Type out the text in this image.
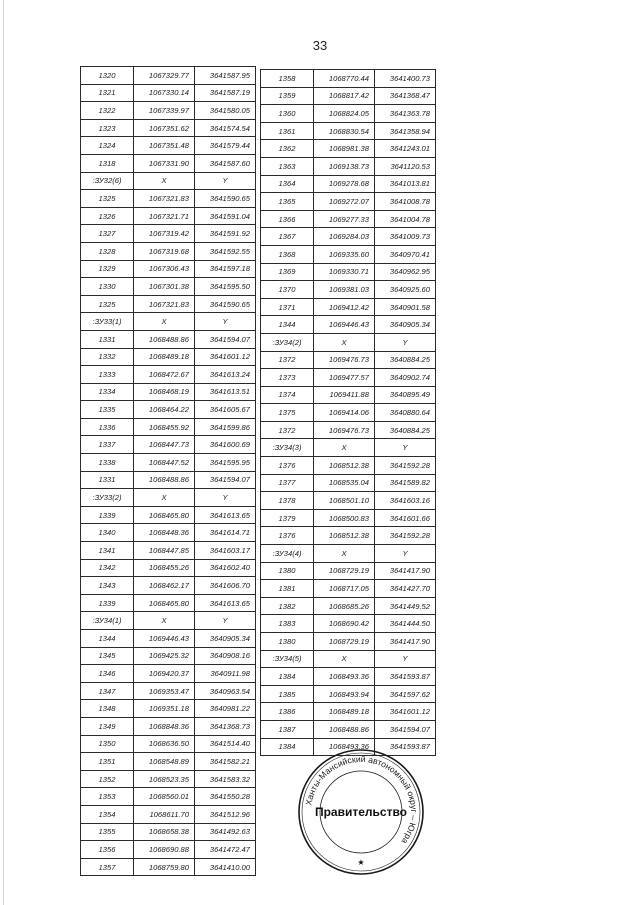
33
1320	1067329.77	3641587.95
1321	1067330.14	3641587.19
1322	1067339.97	3641580.05
1323	1067351.62	3641574.54
1324	1067351.48	3641579.44
1318	1067331.90	3641587.60
:ЗУ32(6)	X	Y
1325	1067321.83	3641590.65
1326	1067321.71	3641591.04
1327	1067319.42	3641591.92
1328	1067319.68	3641592.55
1329	1067306.43	3641597.18
1330	1067301.38	3641595.50
1325	1067321.83	3641590.65
:ЗУ33(1)	X	Y
1331	1068488.86	3641594.07
1332	1068489.18	3641601.12
1333	1068472.67	3641613.24
1334	1068468.19	3641613.51
1335	1068464.22	3641605.67
1336	1068455.92	3641599.86
1337	1068447.73	3641600.69
1338	1068447.52	3641595.95
1331	1068488.86	3641594.07
:ЗУ33(2)	X	Y
1339	1068465.80	3641613.65
1340	1068448.36	3641614.71
1341	1068447.85	3641603.17
1342	1068455.26	3641602.40
1343	1068462.17	3641606.70
1339	1068465.80	3641613.65
:ЗУ34(1)	X	Y
1344	1069446.43	3640905.34
1345	1069425.32	3640908.16
1346	1069420.37	3640911.98
1347	1069353.47	3640963.54
1348	1069351.18	3640981.22
1349	1068848.36	3641368.73
1350	1068636.50	3641514.40
1351	1068548.89	3641582.21
1352	1068523.35	3641583.32
1353	1068560.01	3641550.28
1354	1068611.70	3641512.96
1355	1068658.38	3641492.63
1356	1068690.88	3641472.47
1357	1068759.80	3641410.00
1358	1068770.44	3641400.73
1359	1068817.42	3641368.47
1360	1068824.05	3641363.78
1361	1068830.54	3641358.94
1362	1068981.38	3641243.01
1363	1069138.73	3641120.53
1364	1069278.68	3641013.81
1365	1069272.07	3641008.78
1366	1069277.33	3641004.78
1367	1069284.03	3641009.73
1368	1069335.60	3640970.41
1369	1069330.71	3640962.95
1370	1069381.03	3640925.60
1371	1069412.42	3640901.58
1344	1069446.43	3640905.34
:ЗУ34(2)	X	Y
1372	1069476.73	3640884.25
1373	1069477.57	3640902.74
1374	1069411.88	3640895.49
1375	1069414.06	3640880.64
1372	1069476.73	3640884.25
:ЗУ34(3)	X	Y
1376	1068512.38	3641592.28
1377	1068535.04	3641589.82
1378	1068501.10	3641603.16
1379	1068500.83	3641601.66
1376	1068512.38	3641592.28
:ЗУ34(4)	X	Y
1380	1068729.19	3641417.90
1381	1068717.05	3641427.70
1382	1068685.26	3641449.52
1383	1068690.42	3641444.50
1380	1068729.19	3641417.90
:ЗУ34(5)	X	Y
1384	1068493.36	3641593.87
1385	1068493.94	3641597.62
1386	1068489.18	3641601.12
1387	1068488.86	3641594.07
1384	1068493.36	3641593.87
Ханты-Мансийский автономный округ – Югра
Правительство
★
